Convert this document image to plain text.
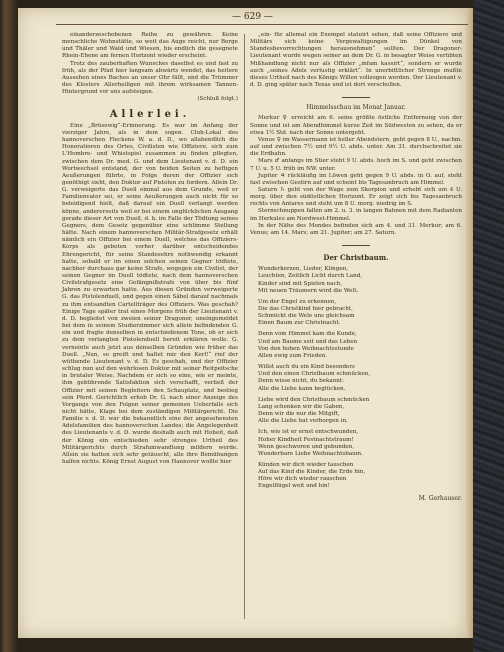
— 629 —

einanderzeschobenen Reihe zu gewähren. Keine menschliche Wohnstätte, so weit das Auge reicht, nur Berge und Thäler und Wald und Wiesen, bis endlich die gesegnete Rhein-Ebene am fernen Horizont wieder erscheint.

Trotz des zauberhaften Wunsches daselbst es und fast zu früh, als der Pfad hier langsam abwärts wendet, das heitere Aussehen eines Baches an unser Ohr fällt, und die Trümmer des Klosters Allerheiligen mit ihrem wirksamen Tannen-Hintergrund vor uns aufsteigen.

(Schluß folgt.)

Allerlei.

Eine „Brüsewig“-Erinnerung. Es war im Anfang der vierziger Jahre, als in dem sogen. Club-Lokal des hannoverschen Fleckens W. a. d. D., wo allabendlich die Honoratioren des Ortes, Civilisten wie Offiziere, sich zum L'Hombre- und Whistspiel zusammen zu finden pflegten, zwischen dem Dr. med. G. und dem Lieutenant v. d. D. ein Wortwechsel entstand, der von beiden Seiten zu heftigen Aeußerungen führte, in Folge deren der Offizier sich genöthigt sieht, den Doktor auf Pistolen zu fordern. Allein Dr. G. verweigerte das Duell einmal aus dem Grunde, weil er Familienvater sei, er seine Aeußerungen auch nicht für so beleidigend hielt, daß darauf ein Duell verlangt werden könne, andererseits weil er bei einem unglücklichen Ausgang gerade dieser Art von Duell, d. h. im Falle der Tödtung seines Gegners, dem Gesetz gegenüber eine schlimme Stellung hätte. Nach einem hannoverschen Militär-Strafgesetz erhält nämlich ein Offizier bei einem Duell, welches das Offiziers-Korps als geboten vorher darüber entscheidendes Ehrengericht, für seine Standesehre nothwendig erkannt hatte, sobald er im einen solchen seinen Gegner tödtete, nachher durchaus gar keine Strafe, wogegen ein Civilist, der seinen Gegner im Duell tödtete, nach dem hannoverschen Civilstrafgesetz eine Gefängnißstrafe von über bis fünf Jahren zu erwarten hatte. Aus diesen Gründen verweigerte G. das Pistolenduell, und gegen einen Säbel darauf nachmals zu ihm entsandten Cartellträger des Offiziers. Was geschah? Einige Tage später trat eines Morgens früh der Lieutenant v. d. D. begleitet von zweien seiner Dragoner, uneingemeldet bei dem in seinem Studierzimmer sich allein befindenden G. ein und fragte denselben in entschiedenem Tone, ob er sich zu dem verlangten Pistolenduell bereit erklären wolle. G. verneinte auch jetzt aus denselben Gründen wie früher das Duell. „Nun, so greift und haltet mir den Kerl!“ rief der wüthende Lieutenant v. d. D. Es geschah, und der Offizier schlug nun auf den wehrlosen Doktor mit seiner Reitpeitsche in brutaler Weise. Nachdem er sich so eine, wie er meinte, ihm gebührende Satisfaktion sich verschafft, verließ der Offizier mit seinen Begleitern den Schauplatz, und bestieg sein Pferd. Gerichtlich erhob Dr. G. nach einer Anzeige des Vorgangs von den Folgen seiner gemeinen Ueberfalls sich nicht hätte, Klage bei dem zuständigen Militärgericht. Die Familie v. d. D. war die bekanntlich eine der angesehensten Adelsfamilien des hannoverschen Landes; die Angelegenheit des Lieutenants v. d. D. wurde deshalb auch mit Hoheit, daß der König ein entschieden sehr strenges Urtheil des Militärgerichts durch Strafumwandlung mildern werde. Allein sie hatten sich sehr getäuscht, alle ihre Bemühungen halfen nichts. König Ernst August von Hannover wollte hier

„ein- für allemal ein Exempel statuirt sehen, daß seine Offiziere und Militärs sich keine Vergewaltigungen im Dünkel von Standesbevorrechtungen herausnehmen“ sollten. Der Dragoner-Lieutenant wurde wegen seiner an dem Dr. G. in besagter Weise verübten Mißhandlung nicht nur als Offizier „infam kassirt“, sondern er wurde auch „seines Adels verlustig erklärt“. In unerbittlicher Strenge mußte dieses Urtheil nach des Königs Willen vollzogen werden. Der Lieutenant v. d. D. ging später nach Texas und ist dort verschollen.

Himmelsschau im Monat Januar.

Merkur ♀ erreicht am 6. seine größte östliche Entfernung von der Sonne und ist am Abendhimmel kurze Zeit im Südwesten zu sehen, da er etwa 1½ Std. nach der Sonne untergeht.

Venus ♀ im Wassermann ist heller Abendstern, geht gegen 8 U., nachm. auf und zwischen 7½ und 9½ U. abds. unter. Am 31. durchschreitet sie die Erdbahn.

Mars ♂ anfangs im Stier steht 9 U. abds. hoch im S. und geht zwischen 7 U. u. 5 U. früh im NW. unter.

Jupiter ♃ rückläufig im Löwen geht gegen 9 U. abds. in O. auf, steht fast zwischen Gestirn auf und scheint bis Tagesanbruch am Himmel.

Saturn ♄ geht von der Wage zum Skorpion und erhebt sich um 4 U. morg. über den südöstlichen Horizont. Er zeigt sich bis Tagesanbruch rechts von Antares und steht um 8 U. morg. niedrig im S.

Sternschnuppen fallen am 2. u. 3. in langen Bahnen mit dem Radianten im Herkules am Nordwest-Himmel.

In der Nähe des Mondes befinden sich am 4. und 31. Merkur; am 6. Venus; am 14. Mars; am 21. Jupiter; am 27. Saturn.

Der Christbaum.

Wunderkerzen, Lieder, Klingen,

Leuchten, Zeitlich Licht durch Land,

Kinder sind mit Spielen nach,

Mit neuen Träumern wird die Welt.

Um der Engel zu erkennen,

Die das Christkind hier gebracht,

Schmückt die Wele uns gleichsam

Einen Baum zur Christnacht.

Denn vom Himmel kam die Kunde,

Und am Baume seit und das Leben

Von den hohen Weihnachtsstunde

Allen ewig zum Frieden.

Willst auch du ein Kind besonders

Und den einen Christbaum schmücken,

Denn wisse nicht, du bekannt:

Alle die Liebe kann beglücken.

Liebe wird den Christbaum schmücken

Lang schenken wir die Gaben,

Denn wir die nur die Mitgift,

Alle die Liebe hat verborgen in.

Ich, wie ist er ernst entschwunden,

Hoher Kindheit Festnachtstraum!

Wenn geschworen und gebunden,

Wunderbare Liebe Weihnachtsbaum.

Künden wir dich wieder tauschen

Auf das Kind die Kinder, die Erde hin,

Höre wir dich wieder rauschen

Engelflügel weit und hin!

M. Gerhauser.
